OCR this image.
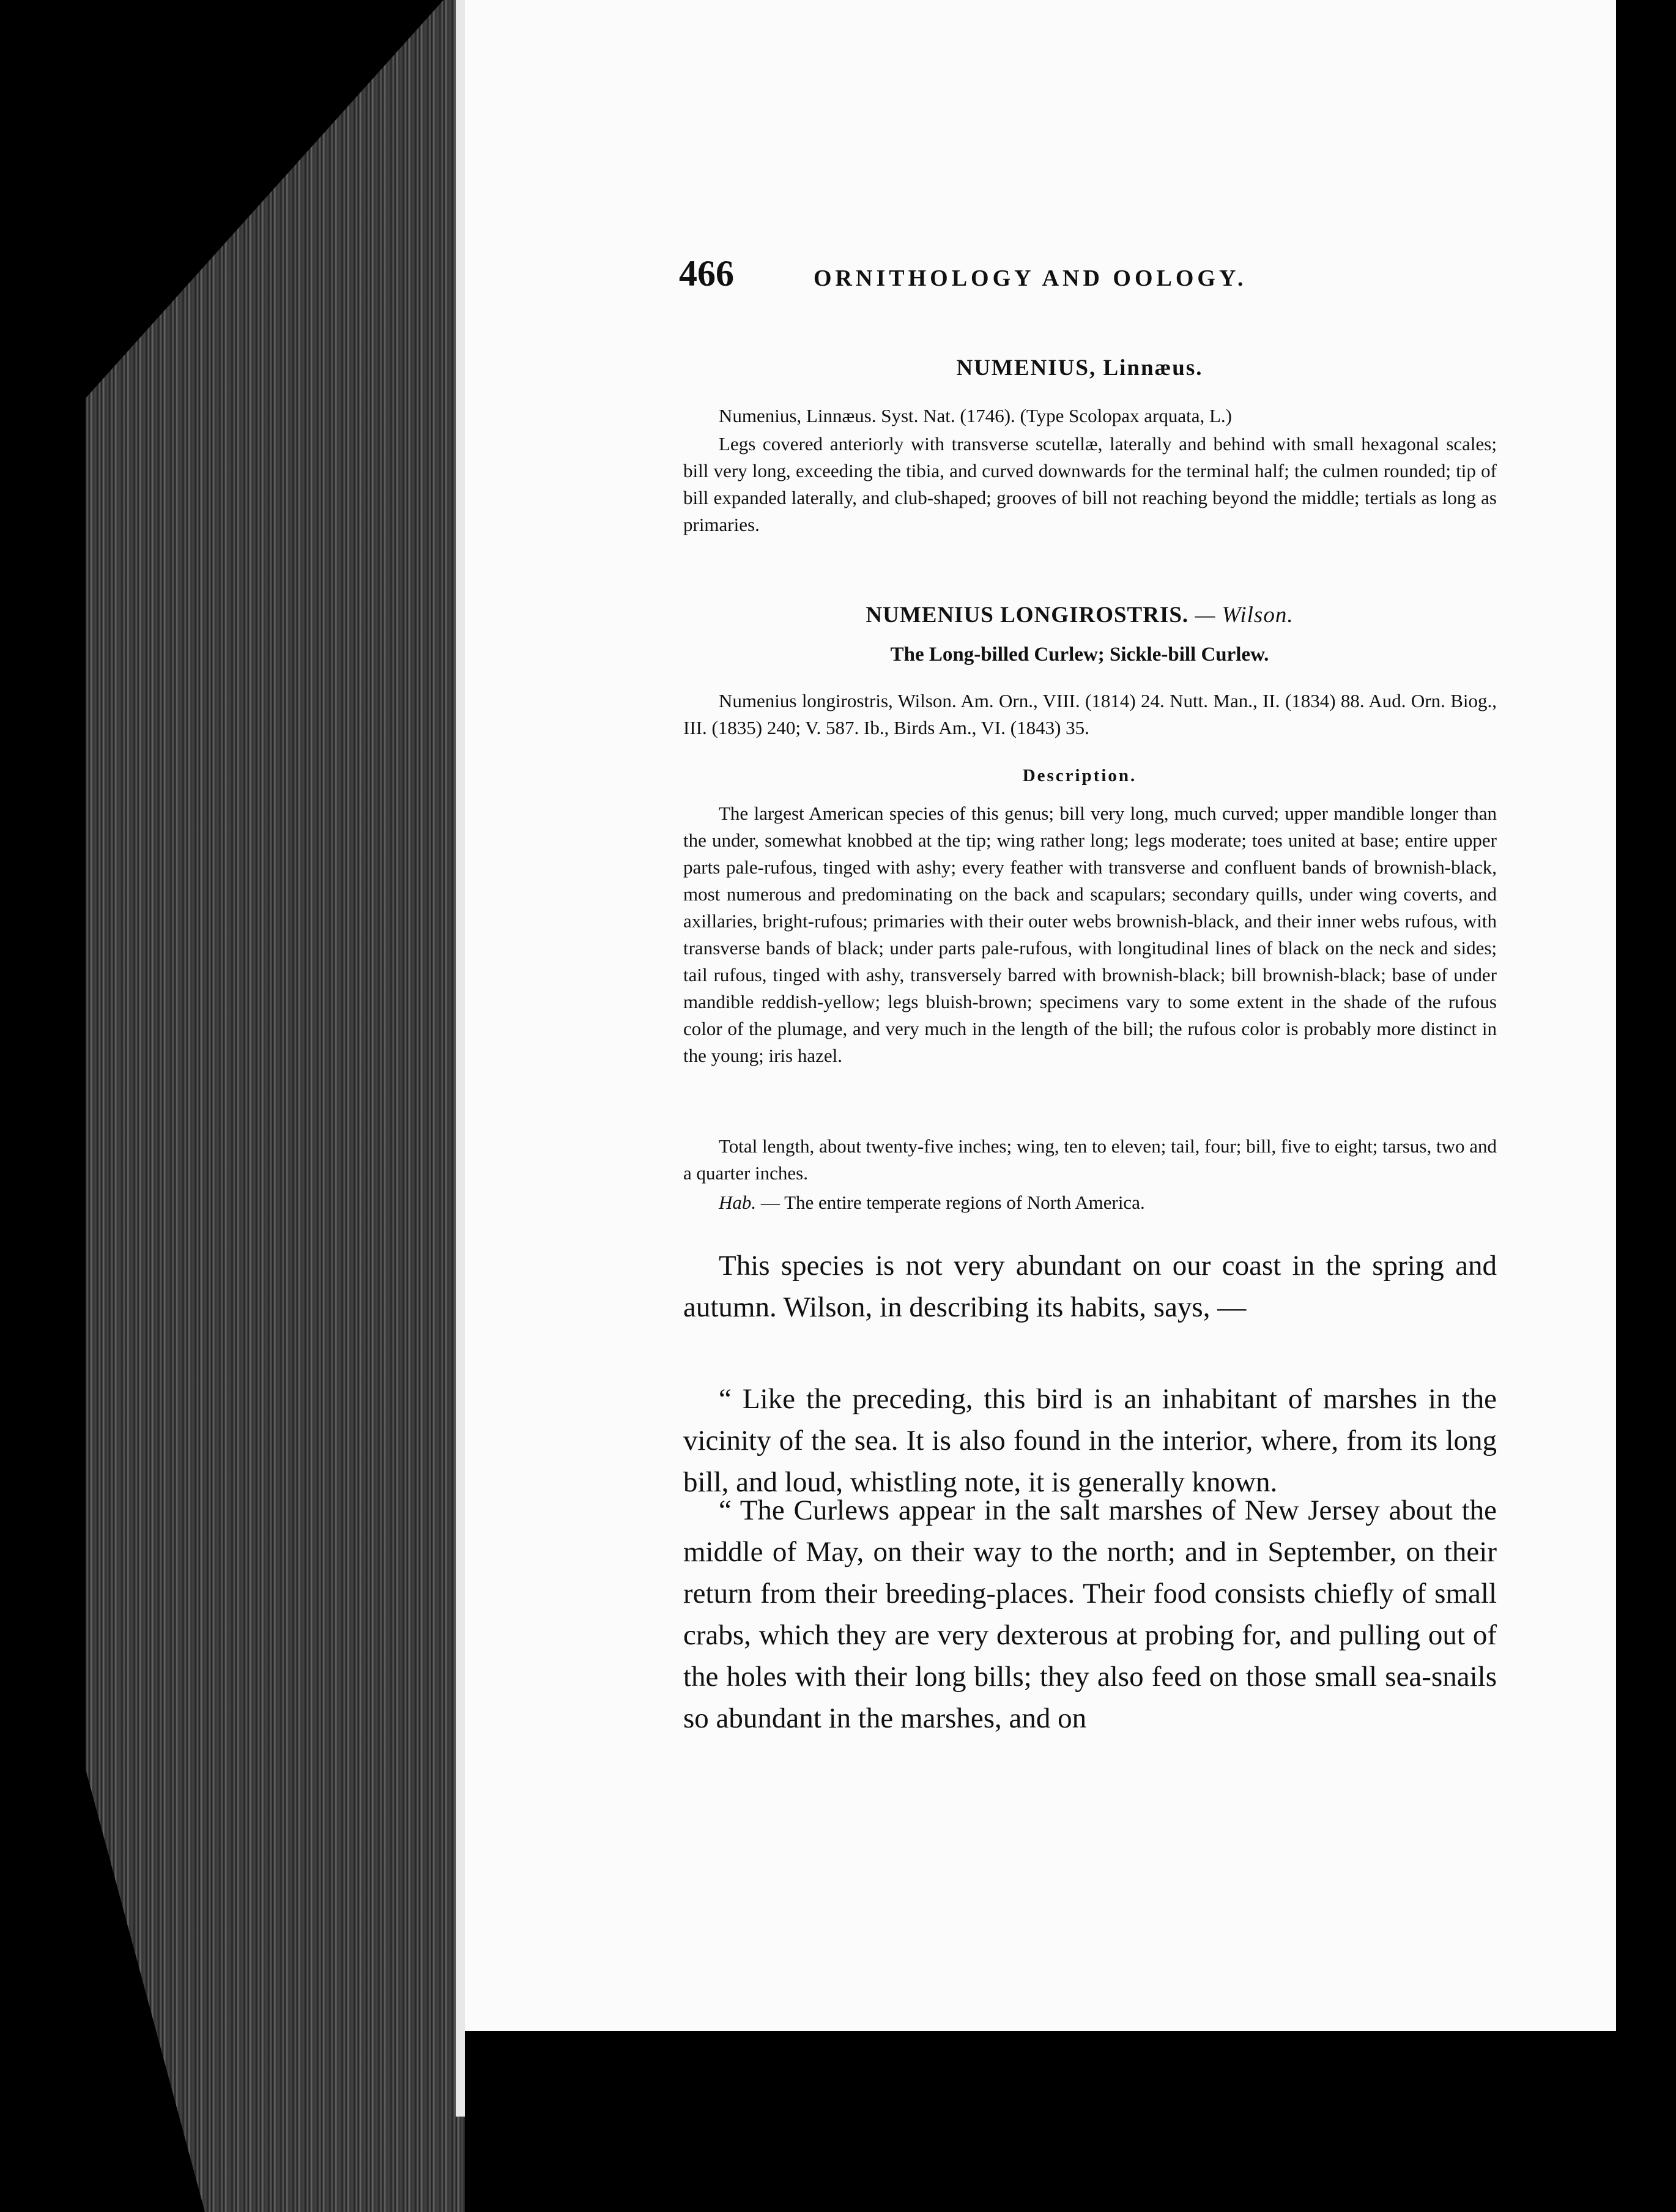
466	ORNITHOLOGY AND OOLOGY.
NUMENIUS, Linnæus.

Numenius, Linnæus. Syst. Nat. (1746). (Type Scolopax arquata, L.)

Legs covered anteriorly with transverse scutellæ, laterally and behind with small hexagonal scales; bill very long, exceeding the tibia, and curved downwards for the terminal half; the culmen rounded; tip of bill expanded laterally, and club-shaped; grooves of bill not reaching beyond the middle; tertials as long as primaries.

NUMENIUS LONGIROSTRIS. — Wilson.
The Long-billed Curlew; Sickle-bill Curlew.

Numenius longirostris, Wilson. Am. Orn., VIII. (1814) 24. Nutt. Man., II. (1834) 88. Aud. Orn. Biog., III. (1835) 240; V. 587. Ib., Birds Am., VI. (1843) 35.

Description.

The largest American species of this genus; bill very long, much curved; upper mandible longer than the under, somewhat knobbed at the tip; wing rather long; legs moderate; toes united at base; entire upper parts pale-rufous, tinged with ashy; every feather with transverse and confluent bands of brownish-black, most numerous and predominating on the back and scapulars; secondary quills, under wing coverts, and axillaries, bright-rufous; primaries with their outer webs brownish-black, and their inner webs rufous, with transverse bands of black; under parts pale-rufous, with longitudinal lines of black on the neck and sides; tail rufous, tinged with ashy, transversely barred with brownish-black; bill brownish-black; base of under mandible reddish-yellow; legs bluish-brown; specimens vary to some extent in the shade of the rufous color of the plumage, and very much in the length of the bill; the rufous color is probably more distinct in the young; iris hazel.

Total length, about twenty-five inches; wing, ten to eleven; tail, four; bill, five to eight; tarsus, two and a quarter inches.

Hab. — The entire temperate regions of North America.

This species is not very abundant on our coast in the spring and autumn. Wilson, in describing its habits, says, —

“ Like the preceding, this bird is an inhabitant of marshes in the vicinity of the sea. It is also found in the interior, where, from its long bill, and loud, whistling note, it is generally known.

“ The Curlews appear in the salt marshes of New Jersey about the middle of May, on their way to the north; and in September, on their return from their breeding-places. Their food consists chiefly of small crabs, which they are very dexterous at probing for, and pulling out of the holes with their long bills; they also feed on those small sea-snails so abundant in the marshes, and on
